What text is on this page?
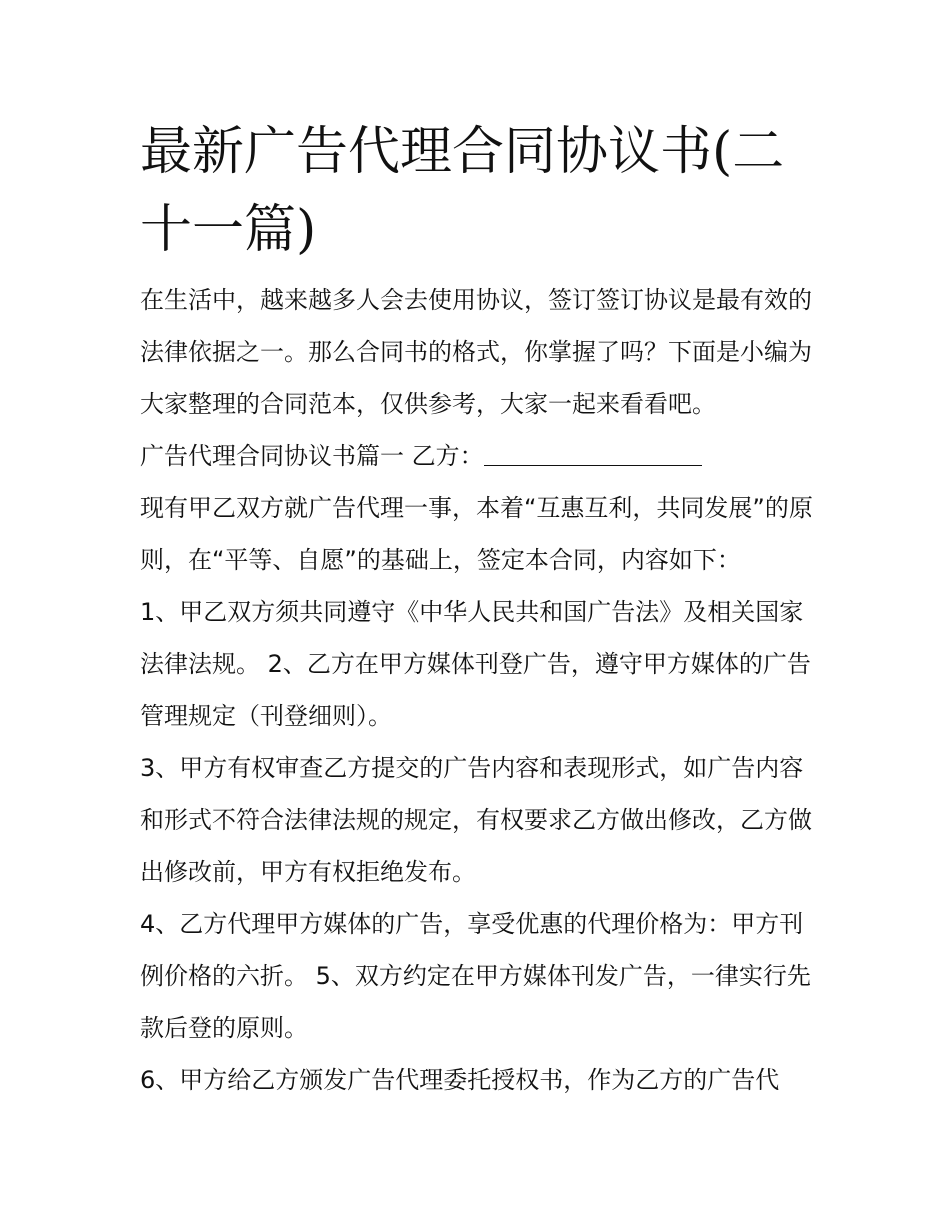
最新广告代理合同协议书(二十一篇)

在生活中，越来越多人会去使用协议，签订签订协议是最有效的法律依据之一。那么合同书的格式，你掌握了吗？下面是小编为大家整理的合同范本，仅供参考，大家一起来看看吧。

广告代理合同协议书篇一 乙方：

现有甲乙双方就广告代理一事，本着“互惠互利，共同发展”的原则，在“平等、自愿”的基础上，签定本合同，内容如下：

1、甲乙双方须共同遵守《中华人民共和国广告法》及相关国家法律法规。 2、乙方在甲方媒体刊登广告，遵守甲方媒体的广告管理规定（刊登细则）。

3、甲方有权审查乙方提交的广告内容和表现形式，如广告内容和形式不符合法律法规的规定，有权要求乙方做出修改，乙方做出修改前，甲方有权拒绝发布。

4、乙方代理甲方媒体的广告，享受优惠的代理价格为：甲方刊例价格的六折。 5、双方约定在甲方媒体刊发广告，一律实行先款后登的原则。

6、甲方给乙方颁发广告代理委托授权书，作为乙方的广告代
